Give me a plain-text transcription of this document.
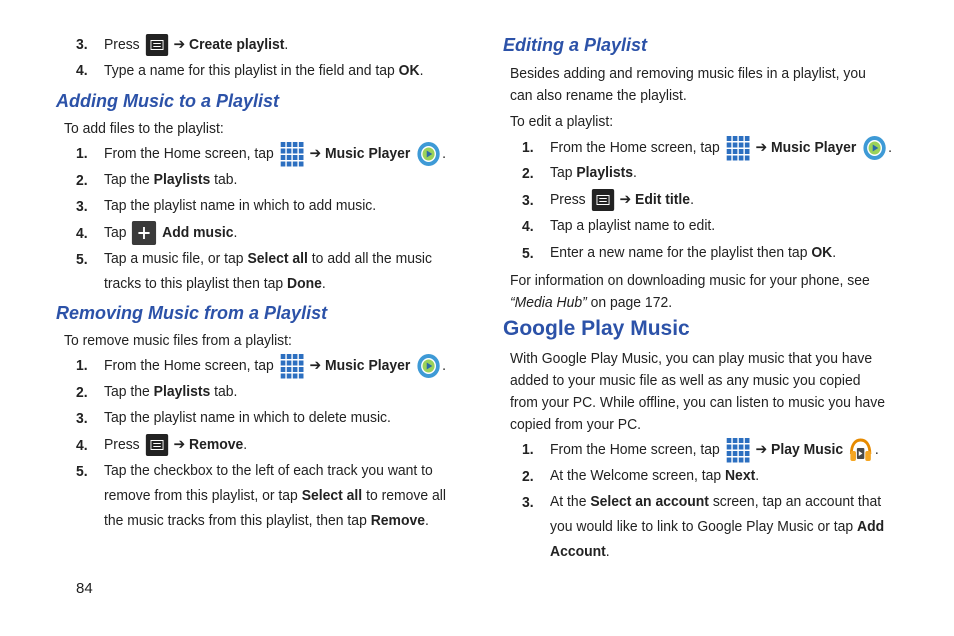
3. Press  ➔ Create playlist.
4. Type a name for this playlist in the field and tap OK.
Adding Music to a Playlist
To add files to the playlist:
1. From the Home screen, tap  ➔ Music Player .
2. Tap the Playlists tab.
3. Tap the playlist name in which to add music.
4. Tap  Add music.
5. Tap a music file, or tap Select all to add all the music
tracks to this playlist then tap Done.
Removing Music from a Playlist
To remove music files from a playlist:
1. From the Home screen, tap  ➔ Music Player .
2. Tap the Playlists tab.
3. Tap the playlist name in which to delete music.
4. Press  ➔ Remove.
5. Tap the checkbox to the left of each track you want to
remove from this playlist, or tap Select all to remove all
the music tracks from this playlist, then tap Remove.
84
Editing a Playlist
Besides adding and removing music files in a playlist, you
can also rename the playlist.
To edit a playlist:
1. From the Home screen, tap  ➔ Music Player .
2. Tap Playlists.
3. Press  ➔ Edit title.
4. Tap a playlist name to edit.
5. Enter a new name for the playlist then tap OK.
For information on downloading music for your phone, see
“Media Hub” on page 172.
Google Play Music
With Google Play Music, you can play music that you have
added to your music file as well as any music you copied
from your PC. While offline, you can listen to music you have
copied from your PC.
1. From the Home screen, tap  ➔ Play Music .
2. At the Welcome screen, tap Next.
3. At the Select an account screen, tap an account that
you would like to link to Google Play Music or tap Add
Account.
